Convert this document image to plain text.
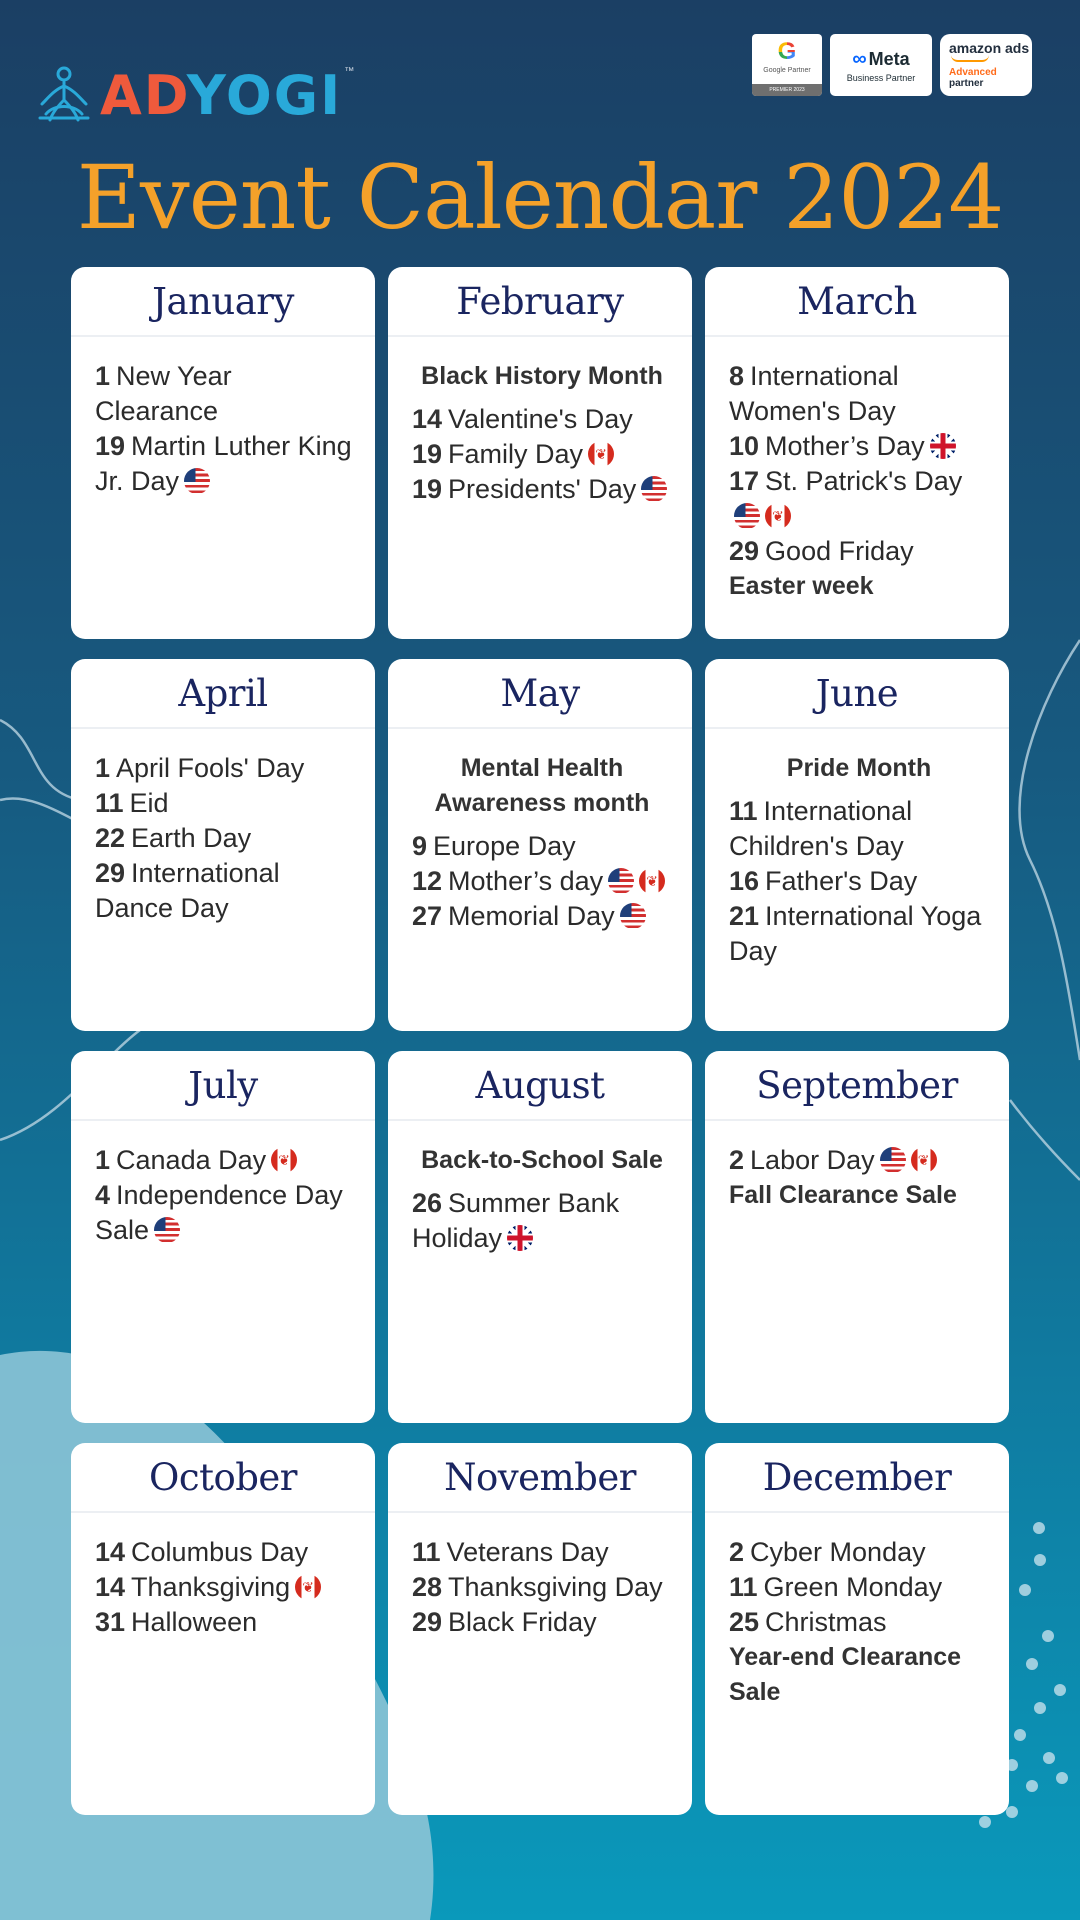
ADYOGI ™
G
Google Partner
PREMIER 2023
∞ Meta
Business Partner
amazon ads
Advanced
partner
Event Calendar 2024
January
1 New Year Clearance
19 Martin Luther King Jr. Day
February
Black History Month
14 Valentine's Day
19 Family Day❦
19 Presidents' Day
March
8 International Women's Day
10 Mother’s Day
17 St. Patrick's Day❦
29 Good Friday
Easter week
April
1 April Fools' Day
11 Eid
22 Earth Day
29 International Dance Day
May
Mental Health Awareness month
9 Europe Day
12 Mother’s day❦
27 Memorial Day
June
Pride Month
11 International Children's Day
16 Father's Day
21 International Yoga Day
July
1 Canada Day❦
4 Independence Day Sale
August
Back-to-School Sale
26 Summer Bank Holiday
September
2 Labor Day❦
Fall Clearance Sale
October
14 Columbus Day
14 Thanksgiving❦
31 Halloween
November
11 Veterans Day
28 Thanksgiving Day
29 Black Friday
December
2 Cyber Monday
11 Green Monday
25 Christmas
Year-end Clearance Sale
